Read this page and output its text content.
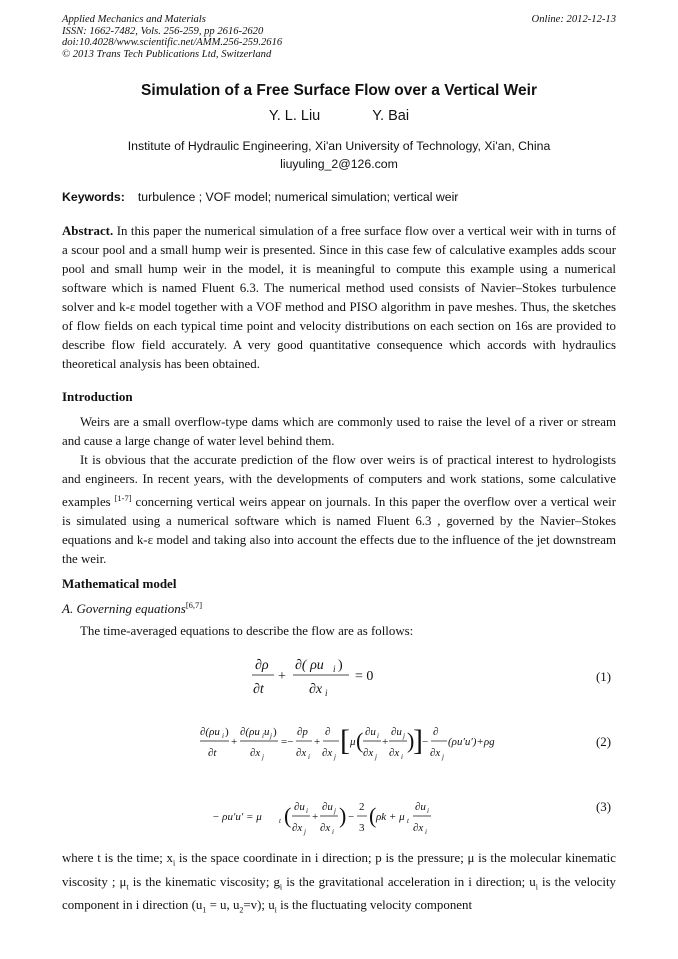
Applied Mechanics and Materials
ISSN: 1662-7482, Vols. 256-259, pp 2616-2620
doi:10.4028/www.scientific.net/AMM.256-259.2616
© 2013 Trans Tech Publications Ltd, Switzerland
Online: 2012-12-13
Simulation of a Free Surface Flow over a Vertical Weir
Y. L. Liu	Y. Bai
Institute of Hydraulic Engineering, Xi'an University of Technology, Xi'an, China
liuyuling_2@126.com
Keywords: turbulence ; VOF model; numerical simulation; vertical weir
Abstract. In this paper the numerical simulation of a free surface flow over a vertical weir with in turns of a scour pool and a small hump weir is presented. Since in this case few of calculative examples adds scour pool and small hump weir in the model, it is meaningful to compute this example using a numerical software which is named Fluent 6.3. The numerical method used consists of Navier–Stokes turbulence solver and k-ε model together with a VOF method and PISO algorithm in pave meshes. Thus, the sketches of flow fields on each typical time point and velocity distributions on each section on 16s are provided to describe flow field accurately. A very good quantitative consequence which accords with hydraulics theoretical analysis has been obtained.
Introduction

Weirs are a small overflow-type dams which are commonly used to raise the level of a river or stream and cause a large change of water level behind them.

It is obvious that the accurate prediction of the flow over weirs is of practical interest to hydrologists and engineers. In recent years, with the developments of computers and work stations, some calculative examples [1-7] concerning vertical weirs appear on journals. In this paper the overflow over a vertical weir is simulated using a numerical software which is named Fluent 6.3 , governed by the Navier–Stokes equations and k-ε model and taking also into account the effects due to the influence of the jet downstream the weir.

Mathematical model
A. Governing equations[6,7]

The time-averaged equations to describe the flow are as follows:

∂ρ
∂t
+
∂( ρu i )
∂x i
= 0	(1)
∂(ρu i )
∂t
+
∂(ρu i u j )
∂x j
=−
∂p
∂x i
+
∂
∂x j [ μ ( ∂u i
∂x j
+
∂u j
∂x i
)
] −
∂
∂x j
(ρu′u′)+ρg	(2)
− ρu′u′ = μ t ( ∂u i
∂x j
+
∂u j
∂x i
) −
2
3 ( ρk + μ t
∂u i
∂x i
(3)
where t is the time; $x_i$ is the space coordinate in i direction; p is the pressure; μ is the molecular kinematic viscosity ; $\mu_t$ is the kinematic viscosity; $g_i$ is the gravitational acceleration in i direction; $u_i$ is the velocity component in i direction ($u_1 = u$, $u_2=v$); $u_i$ is the fluctuating velocity component
